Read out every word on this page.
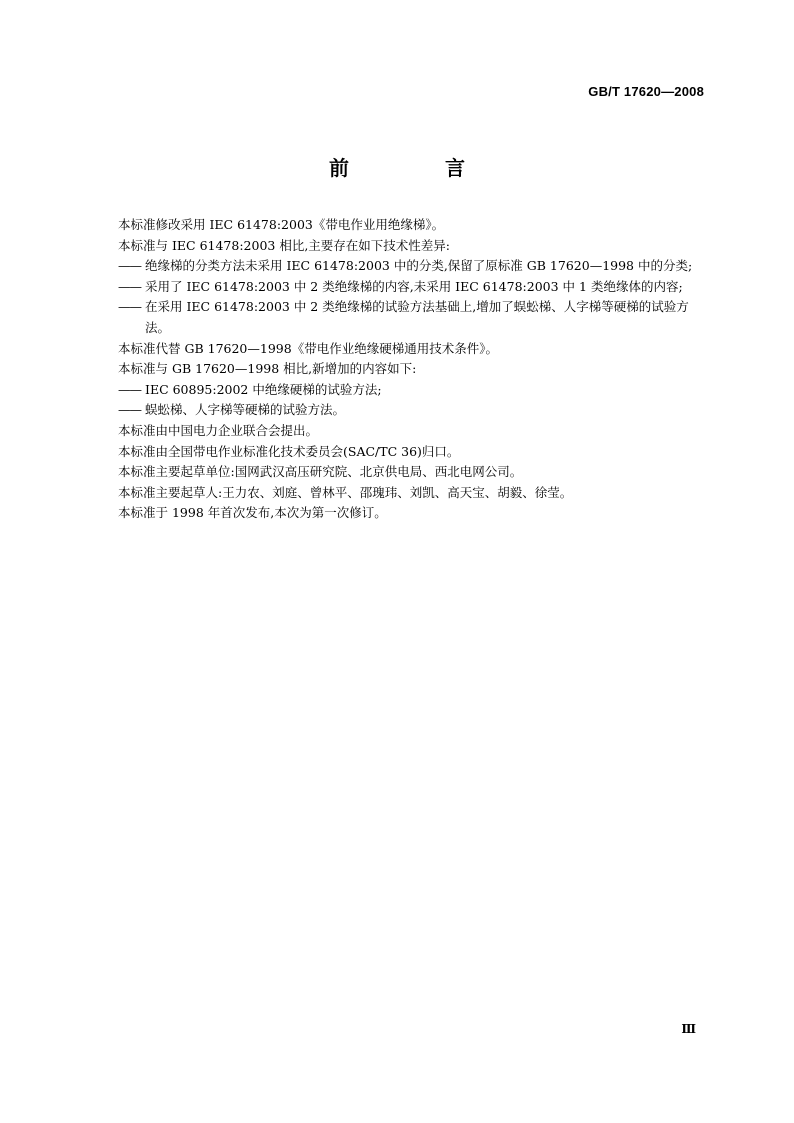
GB/T 17620—2008
前　言

本标准修改采用 IEC 61478:2003《带电作业用绝缘梯》。

本标准与 IEC 61478:2003 相比,主要存在如下技术性差异:

—— 绝缘梯的分类方法未采用 IEC 61478:2003 中的分类,保留了原标准 GB 17620—1998 中的分类;

—— 采用了 IEC 61478:2003 中 2 类绝缘梯的内容,未采用 IEC 61478:2003 中 1 类绝缘体的内容;

—— 在采用 IEC 61478:2003 中 2 类绝缘梯的试验方法基础上,增加了蜈蚣梯、人字梯等硬梯的试验方法。

本标准代替 GB 17620—1998《带电作业绝缘硬梯通用技术条件》。

本标准与 GB 17620—1998 相比,新增加的内容如下:

—— IEC 60895:2002 中绝缘硬梯的试验方法;

—— 蜈蚣梯、人字梯等硬梯的试验方法。

本标准由中国电力企业联合会提出。

本标准由全国带电作业标准化技术委员会(SAC/TC 36)归口。

本标准主要起草单位:国网武汉高压研究院、北京供电局、西北电网公司。

本标准主要起草人:王力农、刘庭、曾林平、邵瑰玮、刘凯、高天宝、胡毅、徐莹。

本标准于 1998 年首次发布,本次为第一次修订。

Ⅲ
